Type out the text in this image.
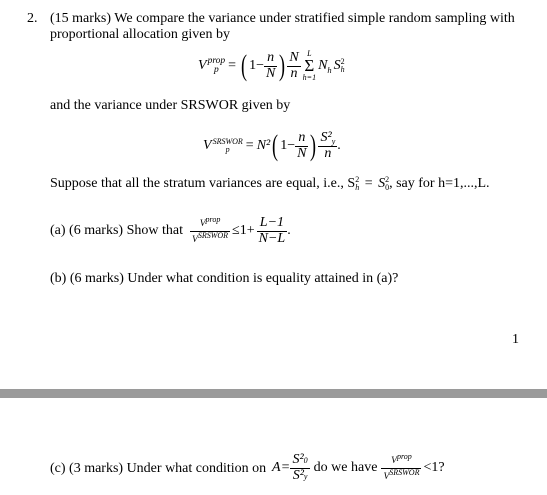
2. (15 marks) We compare the variance under stratified simple random sampling with
proportional allocation given by
V prop
p = ( $1- \frac{n}{N}$ ) $\frac{N}{n}$ L
Σ
h=1
N h S 2
h
and the variance under SRSWOR given by
V SRSWOR
p = N² ( $1- \frac{n}{N}$ ) $\frac{S^2_y}{n}$ .
Suppose that all the stratum variances are equal, i.e., S 2
h = S 2
0 , say for h=1,...,L.
(a) (6 marks) Show that $\frac{V^{prop}}{V^{SRSWOR}} \le 1+ \frac{L-1}{N-L}$ .
(b) (6 marks) Under what condition is equality attained in (a)?
1
(c) (3 marks) Under what condition on $A = \frac{\text{S²0}}{\text{S²y}}$ do we have $\frac{V^{prop}}{V^{SRSWOR}} <1$?
